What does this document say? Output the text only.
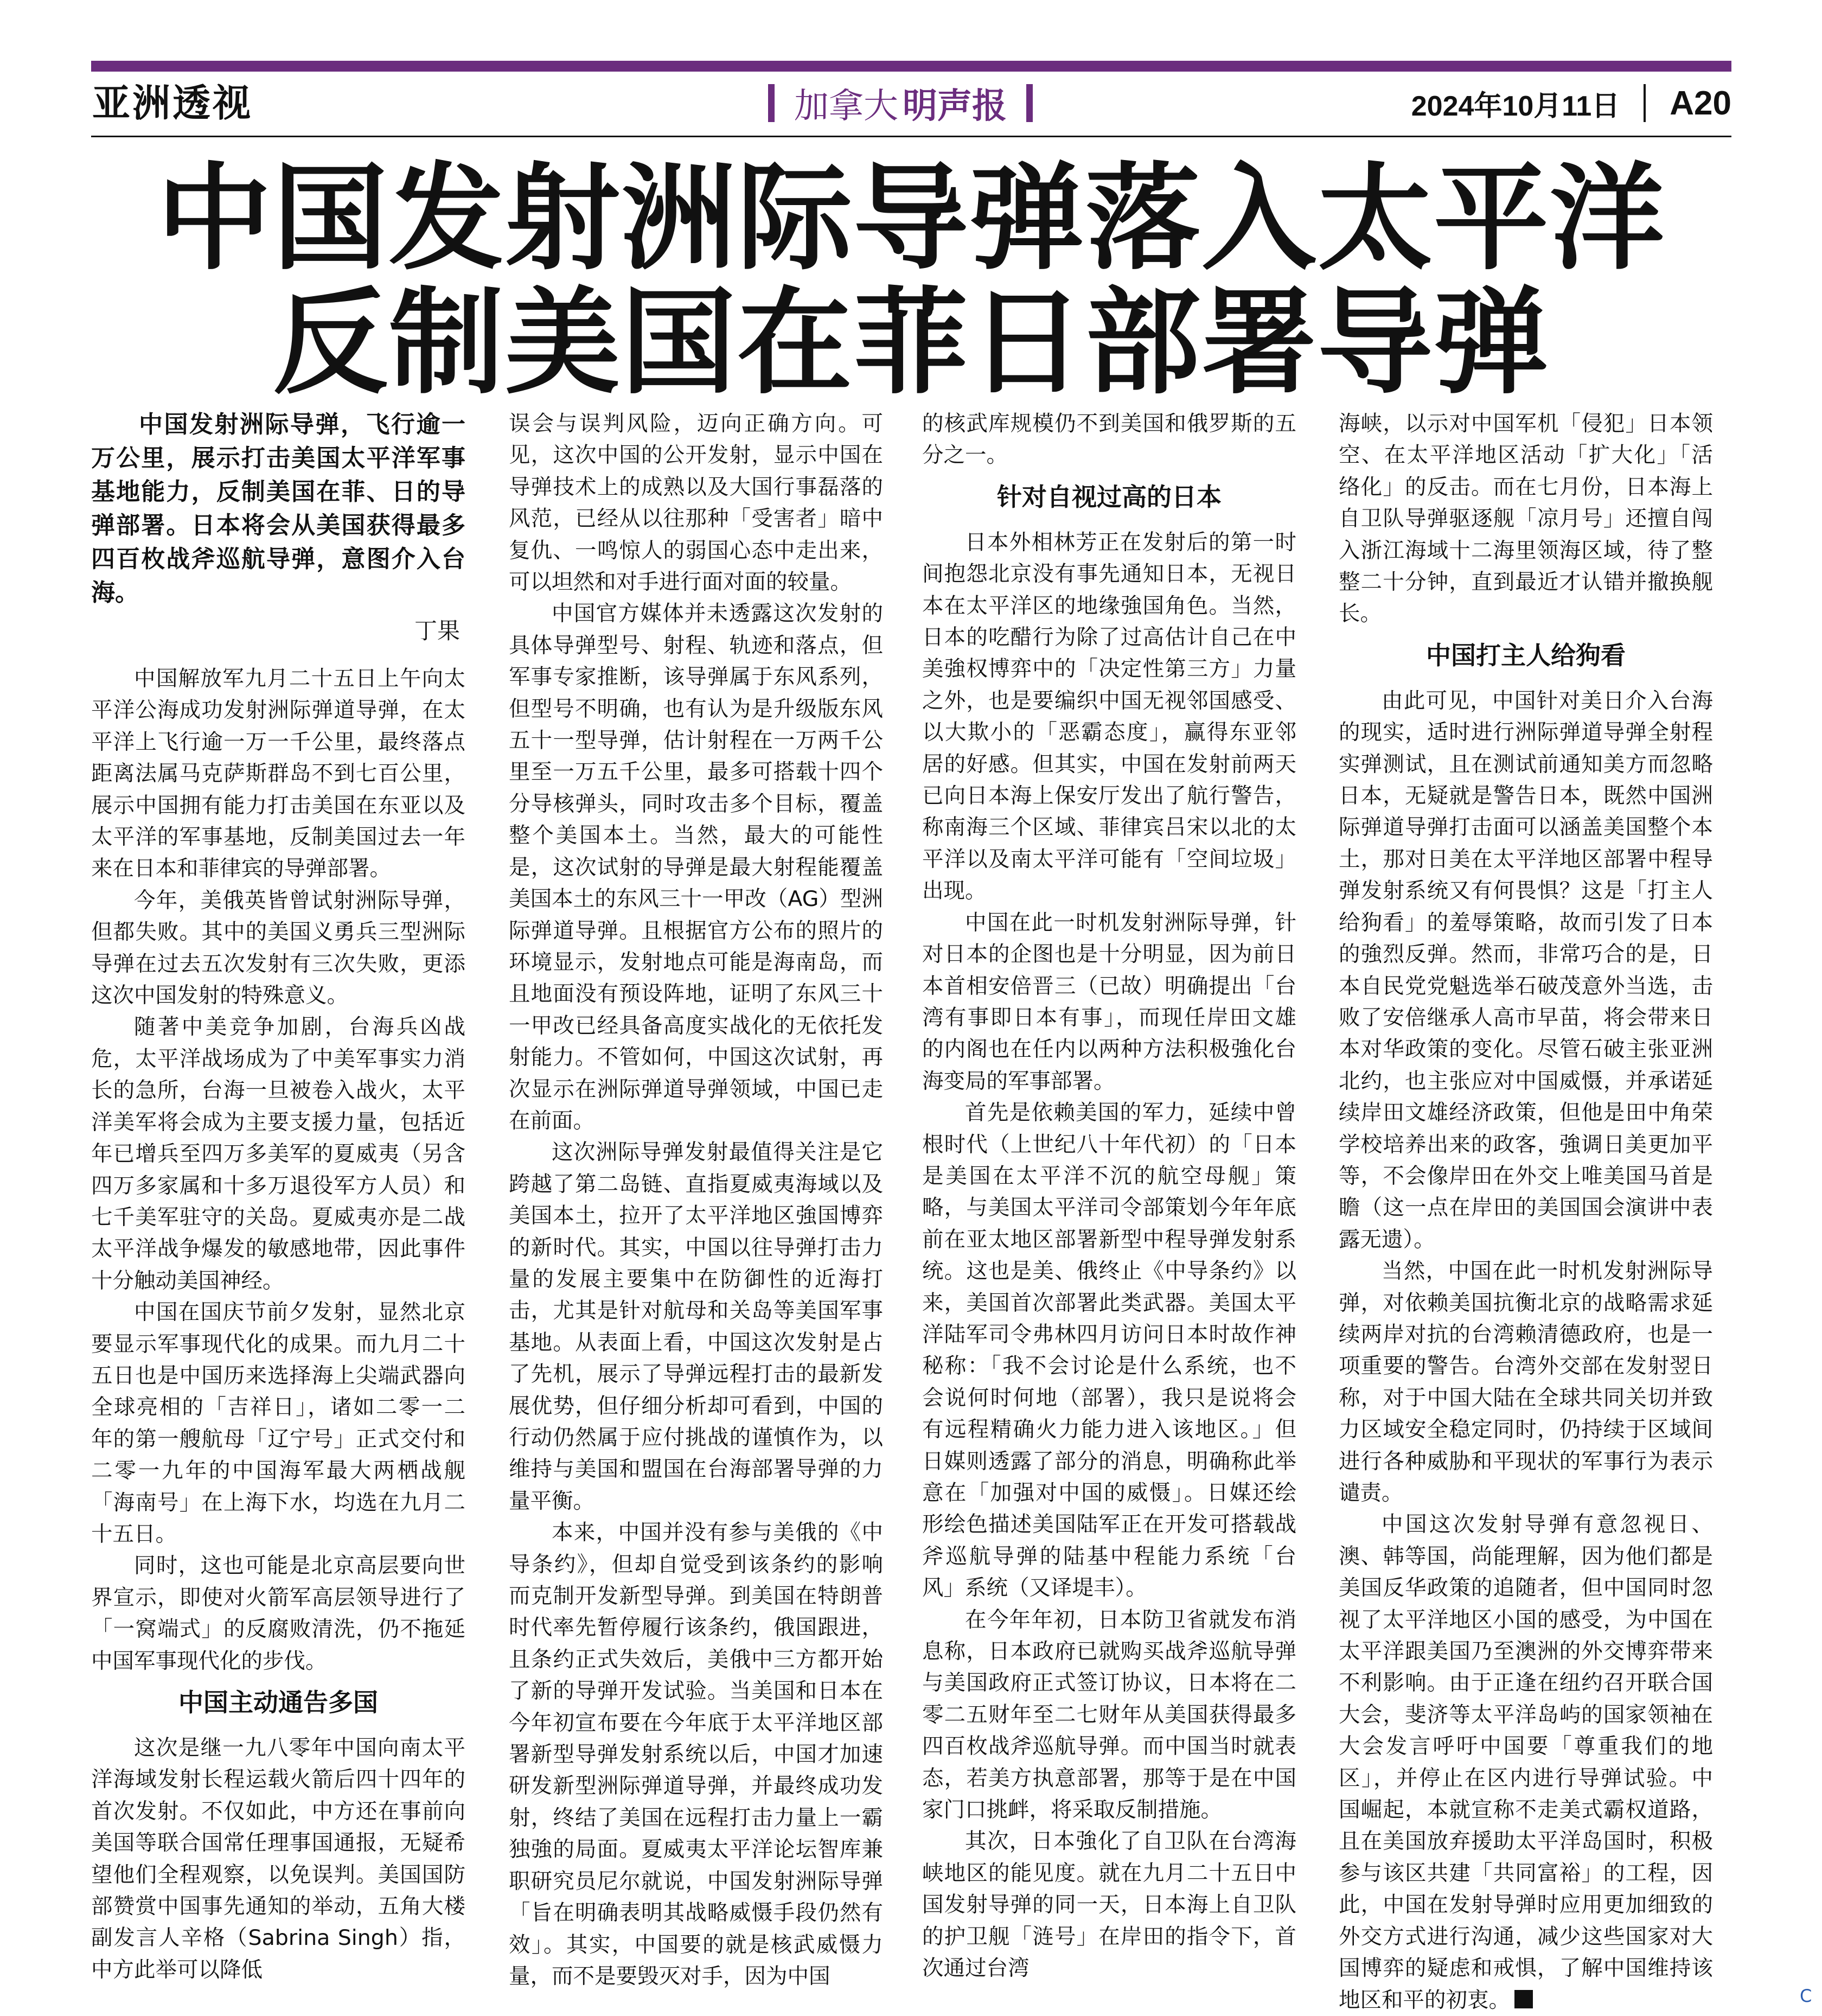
亚洲透视	加拿大 明声报	2024年10月11日 A20
中国发射洲际导弹落入太平洋
反制美国在菲日部署导弹

中国发射洲际导弹，飞行逾一万公里，展示打击美国太平洋军事基地能力，反制美国在菲、日的导弹部署。日本将会从美国获得最多四百枚战斧巡航导弹，意图介入台海。

丁果

中国解放军九月二十五日上午向太平洋公海成功发射洲际弹道导弹，在太平洋上飞行逾一万一千公里，最终落点距离法属马克萨斯群岛不到七百公里，展示中国拥有能力打击美国在东亚以及太平洋的军事基地，反制美国过去一年来在日本和菲律宾的导弹部署。

今年，美俄英皆曾试射洲际导弹，但都失败。其中的美国义勇兵三型洲际导弹在过去五次发射有三次失败，更添这次中国发射的特殊意义。

随著中美竞争加剧，台海兵凶战危，太平洋战场成为了中美军事实力消长的急所，台海一旦被卷入战火，太平洋美军将会成为主要支援力量，包括近年已增兵至四万多美军的夏威夷（另含四万多家属和十多万退役军方人员）和七千美军驻守的关岛。夏威夷亦是二战太平洋战争爆发的敏感地带，因此事件十分触动美国神经。

中国在国庆节前夕发射，显然北京要显示军事现代化的成果。而九月二十五日也是中国历来选择海上尖端武器向全球亮相的「吉祥日」，诸如二零一二年的第一艘航母「辽宁号」正式交付和二零一九年的中国海军最大两栖战舰「海南号」在上海下水，均选在九月二十五日。

同时，这也可能是北京高层要向世界宣示，即使对火箭军高层领导进行了「一窝端式」的反腐败清洗，仍不拖延中国军事现代化的步伐。

中国主动通告多国

这次是继一九八零年中国向南太平洋海域发射长程运载火箭后四十四年的首次发射。不仅如此，中方还在事前向美国等联合国常任理事国通报，无疑希望他们全程观察，以免误判。美国国防部赞赏中国事先通知的举动，五角大楼副发言人辛格（Sabrina Singh）指，中方此举可以降低

误会与误判风险，迈向正确方向。可见，这次中国的公开发射，显示中国在导弹技术上的成熟以及大国行事磊落的风范，已经从以往那种「受害者」暗中复仇、一鸣惊人的弱国心态中走出来，可以坦然和对手进行面对面的较量。

中国官方媒体并未透露这次发射的具体导弹型号、射程、轨迹和落点，但军事专家推断，该导弹属于东风系列，但型号不明确，也有认为是升级版东风五十一型导弹，估计射程在一万两千公里至一万五千公里，最多可搭载十四个分导核弹头，同时攻击多个目标，覆盖整个美国本土。当然，最大的可能性是，这次试射的导弹是最大射程能覆盖美国本土的东风三十一甲改（AG）型洲际弹道导弹。且根据官方公布的照片的环境显示，发射地点可能是海南岛，而且地面没有预设阵地，证明了东风三十一甲改已经具备高度实战化的无依托发射能力。不管如何，中国这次试射，再次显示在洲际弹道导弹领域，中国已走在前面。

这次洲际导弹发射最值得关注是它跨越了第二岛链、直指夏威夷海域以及美国本土，拉开了太平洋地区強国博弈的新时代。其实，中国以往导弹打击力量的发展主要集中在防御性的近海打击，尤其是针对航母和关岛等美国军事基地。从表面上看，中国这次发射是占了先机，展示了导弹远程打击的最新发展优势，但仔细分析却可看到，中国的行动仍然属于应付挑战的谨慎作为，以维持与美国和盟国在台海部署导弹的力量平衡。

本来，中国并没有参与美俄的《中导条约》，但却自觉受到该条约的影响而克制开发新型导弹。到美国在特朗普时代率先暂停履行该条约，俄国跟进，且条约正式失效后，美俄中三方都开始了新的导弹开发试验。当美国和日本在今年初宣布要在今年底于太平洋地区部署新型导弹发射系统以后，中国才加速研发新型洲际弹道导弹，并最终成功发射，终结了美国在远程打击力量上一霸独強的局面。夏威夷太平洋论坛智库兼职研究员尼尔就说，中国发射洲际导弹「旨在明确表明其战略威慑手段仍然有效」。其实，中国要的就是核武威慑力量，而不是要毁灭对手，因为中国

的核武库规模仍不到美国和俄罗斯的五分之一。

针对自视过高的日本

日本外相林芳正在发射后的第一时间抱怨北京没有事先通知日本，无视日本在太平洋区的地缘強国角色。当然，日本的吃醋行为除了过高估计自己在中美強权博弈中的「决定性第三方」力量之外，也是要编织中国无视邻国感受、以大欺小的「恶霸态度」，赢得东亚邻居的好感。但其实，中国在发射前两天已向日本海上保安厅发出了航行警告，称南海三个区域、菲律宾吕宋以北的太平洋以及南太平洋可能有「空间垃圾」出现。

中国在此一时机发射洲际导弹，针对日本的企图也是十分明显，因为前日本首相安倍晋三（已故）明确提出「台湾有事即日本有事」，而现任岸田文雄的内阁也在任内以两种方法积极強化台海变局的军事部署。

首先是依赖美国的军力，延续中曾根时代（上世纪八十年代初）的「日本是美国在太平洋不沉的航空母舰」策略，与美国太平洋司令部策划今年年底前在亚太地区部署新型中程导弹发射系统。这也是美、俄终止《中导条约》以来，美国首次部署此类武器。美国太平洋陆军司令弗林四月访问日本时故作神秘称：「我不会讨论是什么系统，也不会说何时何地（部署），我只是说将会有远程精确火力能力进入该地区。」但日媒则透露了部分的消息，明确称此举意在「加强对中国的威慑」。日媒还绘形绘色描述美国陆军正在开发可搭载战斧巡航导弹的陆基中程能力系统「台风」系统（又译堤丰）。

在今年年初，日本防卫省就发布消息称，日本政府已就购买战斧巡航导弹与美国政府正式签订协议，日本将在二零二五财年至二七财年从美国获得最多四百枚战斧巡航导弹。而中国当时就表态，若美方执意部署，那等于是在中国家门口挑衅，将采取反制措施。

其次，日本強化了自卫队在台湾海峡地区的能见度。就在九月二十五日中国发射导弹的同一天，日本海上自卫队的护卫舰「涟号」在岸田的指令下，首次通过台湾

海峡，以示对中国军机「侵犯」日本领空、在太平洋地区活动「扩大化」「活络化」的反击。而在七月份，日本海上自卫队导弹驱逐舰「凉月号」还擅自闯入浙江海域十二海里领海区域，待了整整二十分钟，直到最近才认错并撤换舰长。

中国打主人给狗看

由此可见，中国针对美日介入台海的现实，适时进行洲际弹道导弹全射程实弹测试，且在测试前通知美方而忽略日本，无疑就是警告日本，既然中国洲际弹道导弹打击面可以涵盖美国整个本土，那对日美在太平洋地区部署中程导弹发射系统又有何畏惧？这是「打主人给狗看」的羞辱策略，故而引发了日本的強烈反弹。然而，非常巧合的是，日本自民党党魁选举石破茂意外当选，击败了安倍继承人高市早苗，将会带来日本对华政策的变化。尽管石破主张亚洲北约，也主张应对中国威慑，并承诺延续岸田文雄经济政策，但他是田中角荣学校培养出来的政客，強调日美更加平等，不会像岸田在外交上唯美国马首是瞻（这一点在岸田的美国国会演讲中表露无遗）。

当然，中国在此一时机发射洲际导弹，对依赖美国抗衡北京的战略需求延续两岸对抗的台湾赖清德政府，也是一项重要的警告。台湾外交部在发射翌日称，对于中国大陆在全球共同关切并致力区域安全稳定同时，仍持续于区域间进行各种威胁和平现状的军事行为表示谴责。

中国这次发射导弹有意忽视日、澳、韩等国，尚能理解，因为他们都是美国反华政策的追随者，但中国同时忽视了太平洋地区小国的感受，为中国在太平洋跟美国乃至澳洲的外交博弈带来不利影响。由于正逢在纽约召开联合国大会，斐济等太平洋岛屿的国家领袖在大会发言呼吁中国要「尊重我们的地区」，并停止在区内进行导弹试验。中国崛起，本就宣称不走美式霸权道路，且在美国放弃援助太平洋岛国时，积极参与该区共建「共同富裕」的工程，因此，中国在发射导弹时应用更加细致的外交方式进行沟通，减少这些国家对大国博弈的疑虑和戒惧，了解中国维持该地区和平的初衷。	C
